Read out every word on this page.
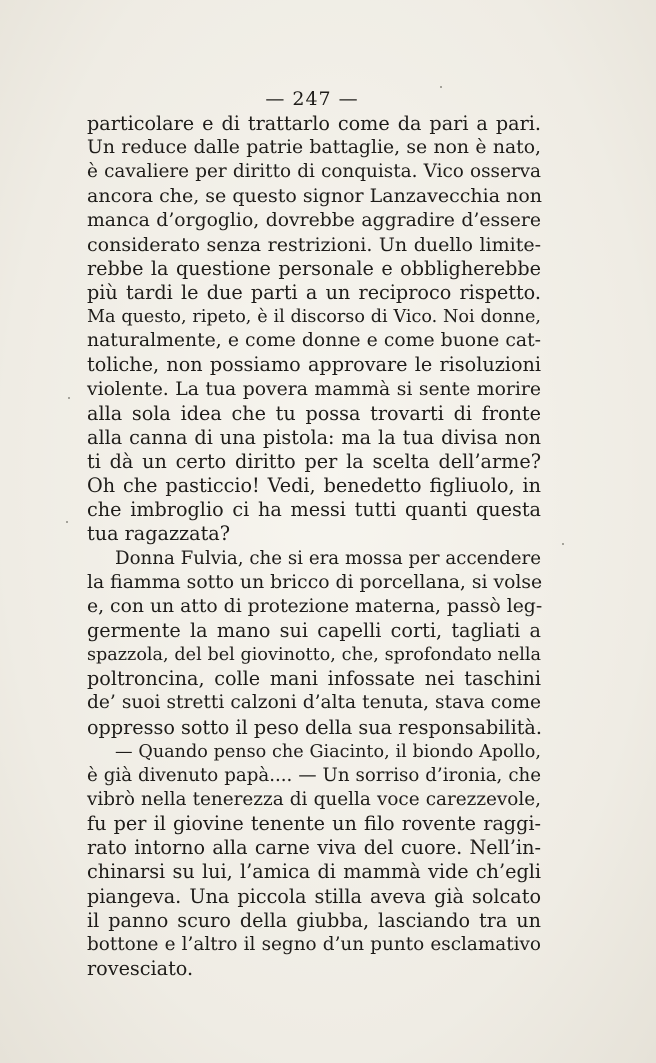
— 247 —
particolare e di trattarlo come da pari a pari.
Un reduce dalle patrie battaglie, se non è nato,
è cavaliere per diritto di conquista. Vico osserva
ancora che, se questo signor Lanzavecchia non
manca d’orgoglio, dovrebbe aggradire d’essere
considerato senza restrizioni. Un duello limite-
rebbe la questione personale e obbligherebbe
più tardi le due parti a un reciproco rispetto.
Ma questo, ripeto, è il discorso di Vico. Noi donne,
naturalmente, e come donne e come buone cat-
toliche, non possiamo approvare le risoluzioni
violente. La tua povera mammà si sente morire
alla sola idea che tu possa trovarti di fronte
alla canna di una pistola: ma la tua divisa non
ti dà un certo diritto per la scelta dell’arme?
Oh che pasticcio! Vedi, benedetto figliuolo, in
che imbroglio ci ha messi tutti quanti questa
tua ragazzata?
Donna Fulvia, che si era mossa per accendere
la fiamma sotto un bricco di porcellana, si volse
e, con un atto di protezione materna, passò leg-
germente la mano sui capelli corti, tagliati a
spazzola, del bel giovinotto, che, sprofondato nella
poltroncina, colle mani infossate nei taschini
de’ suoi stretti calzoni d’alta tenuta, stava come
oppresso sotto il peso della sua responsabilità.
— Quando penso che Giacinto, il biondo Apollo,
è già divenuto papà.... — Un sorriso d’ironia, che
vibrò nella tenerezza di quella voce carezzevole,
fu per il giovine tenente un filo rovente raggi-
rato intorno alla carne viva del cuore. Nell’in-
chinarsi su lui, l’amica di mammà vide ch’egli
piangeva. Una piccola stilla aveva già solcato
il panno scuro della giubba, lasciando tra un
bottone e l’altro il segno d’un punto esclamativo
rovesciato.
